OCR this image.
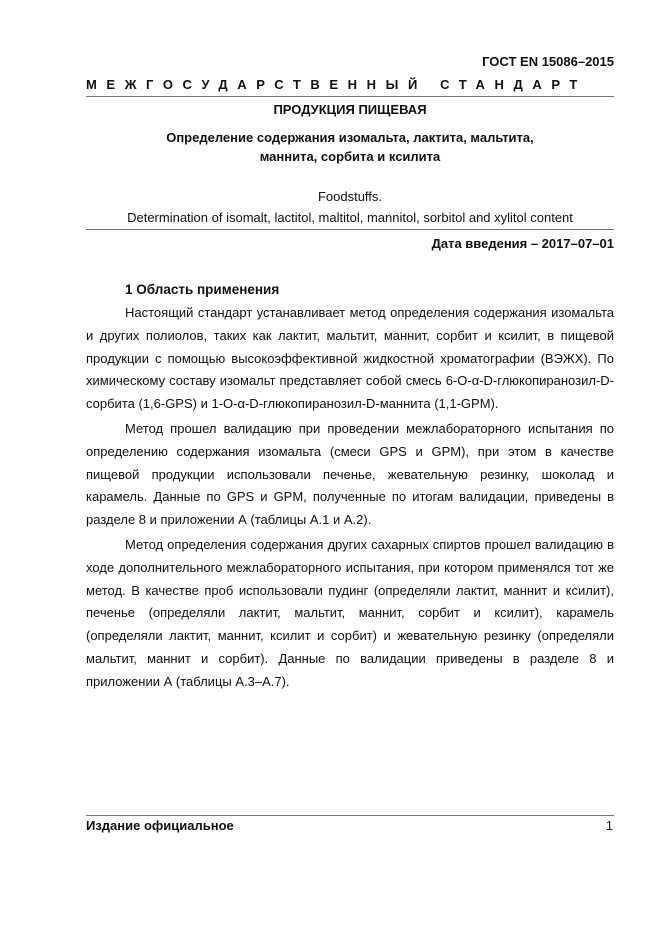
ГОСТ EN 15086–2015
МЕЖГОСУДАРСТВЕННЫЙ СТАНДАРТ
ПРОДУКЦИЯ ПИЩЕВАЯ
Определение содержания изомальта, лактита, мальтита,
маннита, сорбита и ксилита
Foodstuffs.
Determination of isomalt, lactitol, maltitol, mannitol, sorbitol and xylitol content
Дата введения – 2017–07–01
1 Область применения

Настоящий стандарт устанавливает метод определения содержания изомальта и других полиолов, таких как лактит, мальтит, маннит, сорбит и ксилит, в пищевой продукции с помощью высокоэффективной жидкостной хроматографии (ВЭЖХ). По химическому составу изомальт представляет собой смесь 6-O-α-D-глюкопиранозил-D-сорбита (1,6-GPS) и 1-O-α-D-глюкопиранозил-D-маннита (1,1-GPM).

Метод прошел валидацию при проведении межлабораторного испытания по определению содержания изомальта (смеси GPS и GPM), при этом в качестве пищевой продукции использовали печенье, жевательную резинку, шоколад и карамель. Данные по GPS и GPM, полученные по итогам валидации, приведены в разделе 8 и приложении А (таблицы А.1 и А.2).

Метод определения содержания других сахарных спиртов прошел валидацию в ходе дополнительного межлабораторного испытания, при котором применялся тот же метод. В качестве проб использовали пудинг (определяли лактит, маннит и ксилит), печенье (определяли лактит, мальтит, маннит, сорбит и ксилит), карамель (определяли лактит, маннит, ксилит и сорбит) и жевательную резинку (определяли мальтит, маннит и сорбит). Данные по валидации приведены в разделе 8 и приложении А (таблицы А.3–А.7).

Издание официальное	1
